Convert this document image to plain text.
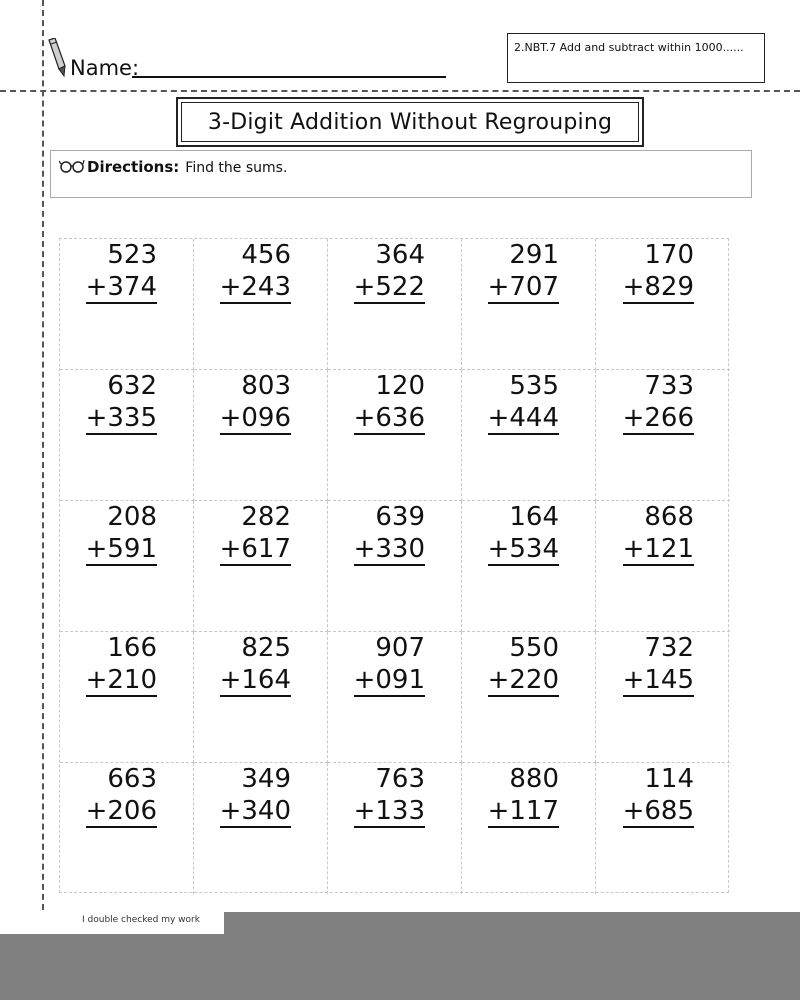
Name:
2.NBT.7 Add and subtract within 1000......
3-Digit Addition Without Regrouping
Directions: Find the sums.
523
+374
456
+243
364
+522
291
+707
170
+829
632
+335
803
+096
120
+636
535
+444
733
+266
208
+591
282
+617
639
+330
164
+534
868
+121
166
+210
825
+164
907
+091
550
+220
732
+145
663
+206
349
+340
763
+133
880
+117
114
+685
I double checked my work
